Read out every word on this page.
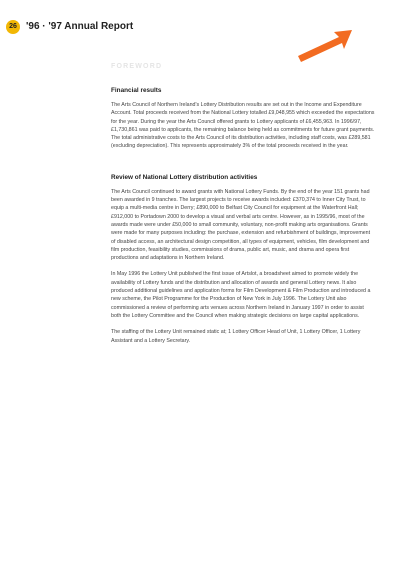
26 '96 · '97 Annual Report
FOREWORD
Financial results

The Arts Council of Northern Ireland's Lottery Distribution results are set out in the Income and Expenditure Account. Total proceeds received from the National Lottery totalled £9,048,955 which exceeded the expectations for the year. During the year the Arts Council offered grants to Lottery applicants of £6,455,963. In 1996/97, £1,730,861 was paid to applicants, the remaining balance being held as commitments for future grant payments. The total administrative costs to the Arts Council of its distribution activities, including staff costs, was £289,581 (excluding depreciation). This represents approximately 3% of the total proceeds received in the year.

Review of National Lottery distribution activities

The Arts Council continued to award grants with National Lottery Funds. By the end of the year 151 grants had been awarded in 9 tranches. The largest projects to receive awards included: £370,374 to Inner City Trust, to equip a multi-media centre in Derry; £890,000 to Belfast City Council for equipment at the Waterfront Hall; £912,000 to Portadown 2000 to develop a visual and verbal arts centre. However, as in 1995/96, most of the awards made were under £50,000 to small community, voluntary, non-profit making arts organisations. Grants were made for many purposes including: the purchase, extension and refurbishment of buildings, improvement of disabled access, an architectural design competition, all types of equipment, vehicles, film development and film production, feasibility studies, commissions of drama, public art, music, and drama and opera first productions and adaptations in Northern Ireland.

In May 1996 the Lottery Unit published the first issue of Artslot, a broadsheet aimed to promote widely the availability of Lottery funds and the distribution and allocation of awards and general Lottery news. It also produced additional guidelines and application forms for Film Development & Film Production and introduced a new scheme, the Pilot Programme for the Production of New York in July 1996. The Lottery Unit also commissioned a review of performing arts venues across Northern Ireland in January 1997 in order to assist both the Lottery Committee and the Council when making strategic decisions on large capital applications.

The staffing of the Lottery Unit remained static at; 1 Lottery Officer Head of Unit, 1 Lottery Officer, 1 Lottery Assistant and a Lottery Secretary.
